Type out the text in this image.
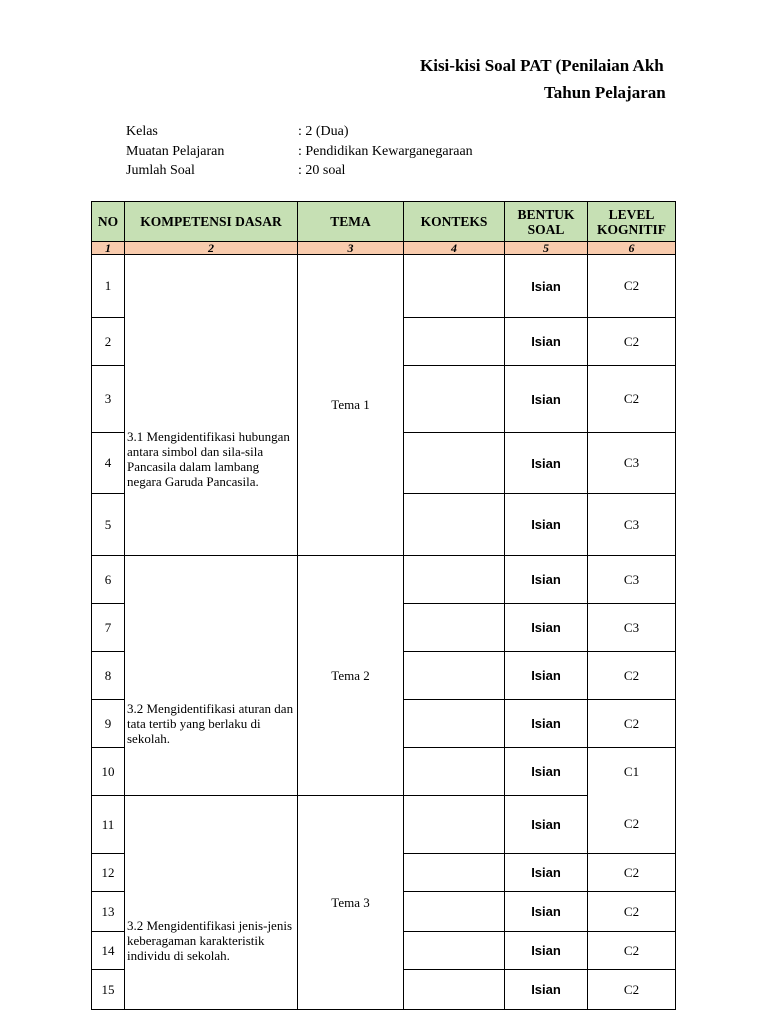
Kisi-kisi Soal PAT (Penilaian Akh
Tahun Pelajaran
Kelas	: 2 (Dua)
Muatan Pelajaran	: Pendidikan Kewarganegaraan
Jumlah Soal	: 20 soal
NO	KOMPETENSI DASAR	TEMA	KONTEKS	BENTUK SOAL	LEVEL KOGNITIF
1	2	3	4	5	6
1	3.1 Mengidentifikasi hubungan antara simbol dan sila-sila Pancasila dalam lambang negara Garuda Pancasila.	Tema 1		Isian	C2
2				Isian	C2
3				Isian	C2
4				Isian	C3
5				Isian	C3
6	3.2 Mengidentifikasi aturan dan tata tertib yang berlaku di sekolah.	Tema 2		Isian	C3
7				Isian	C3
8				Isian	C2
9				Isian	C2
10				Isian	C1
11	3.2 Mengidentifikasi jenis-jenis keberagaman karakteristik individu di sekolah.	Tema 3		Isian	C2
12				Isian	C2
13				Isian	C2
14				Isian	C2
15				Isian	C2
